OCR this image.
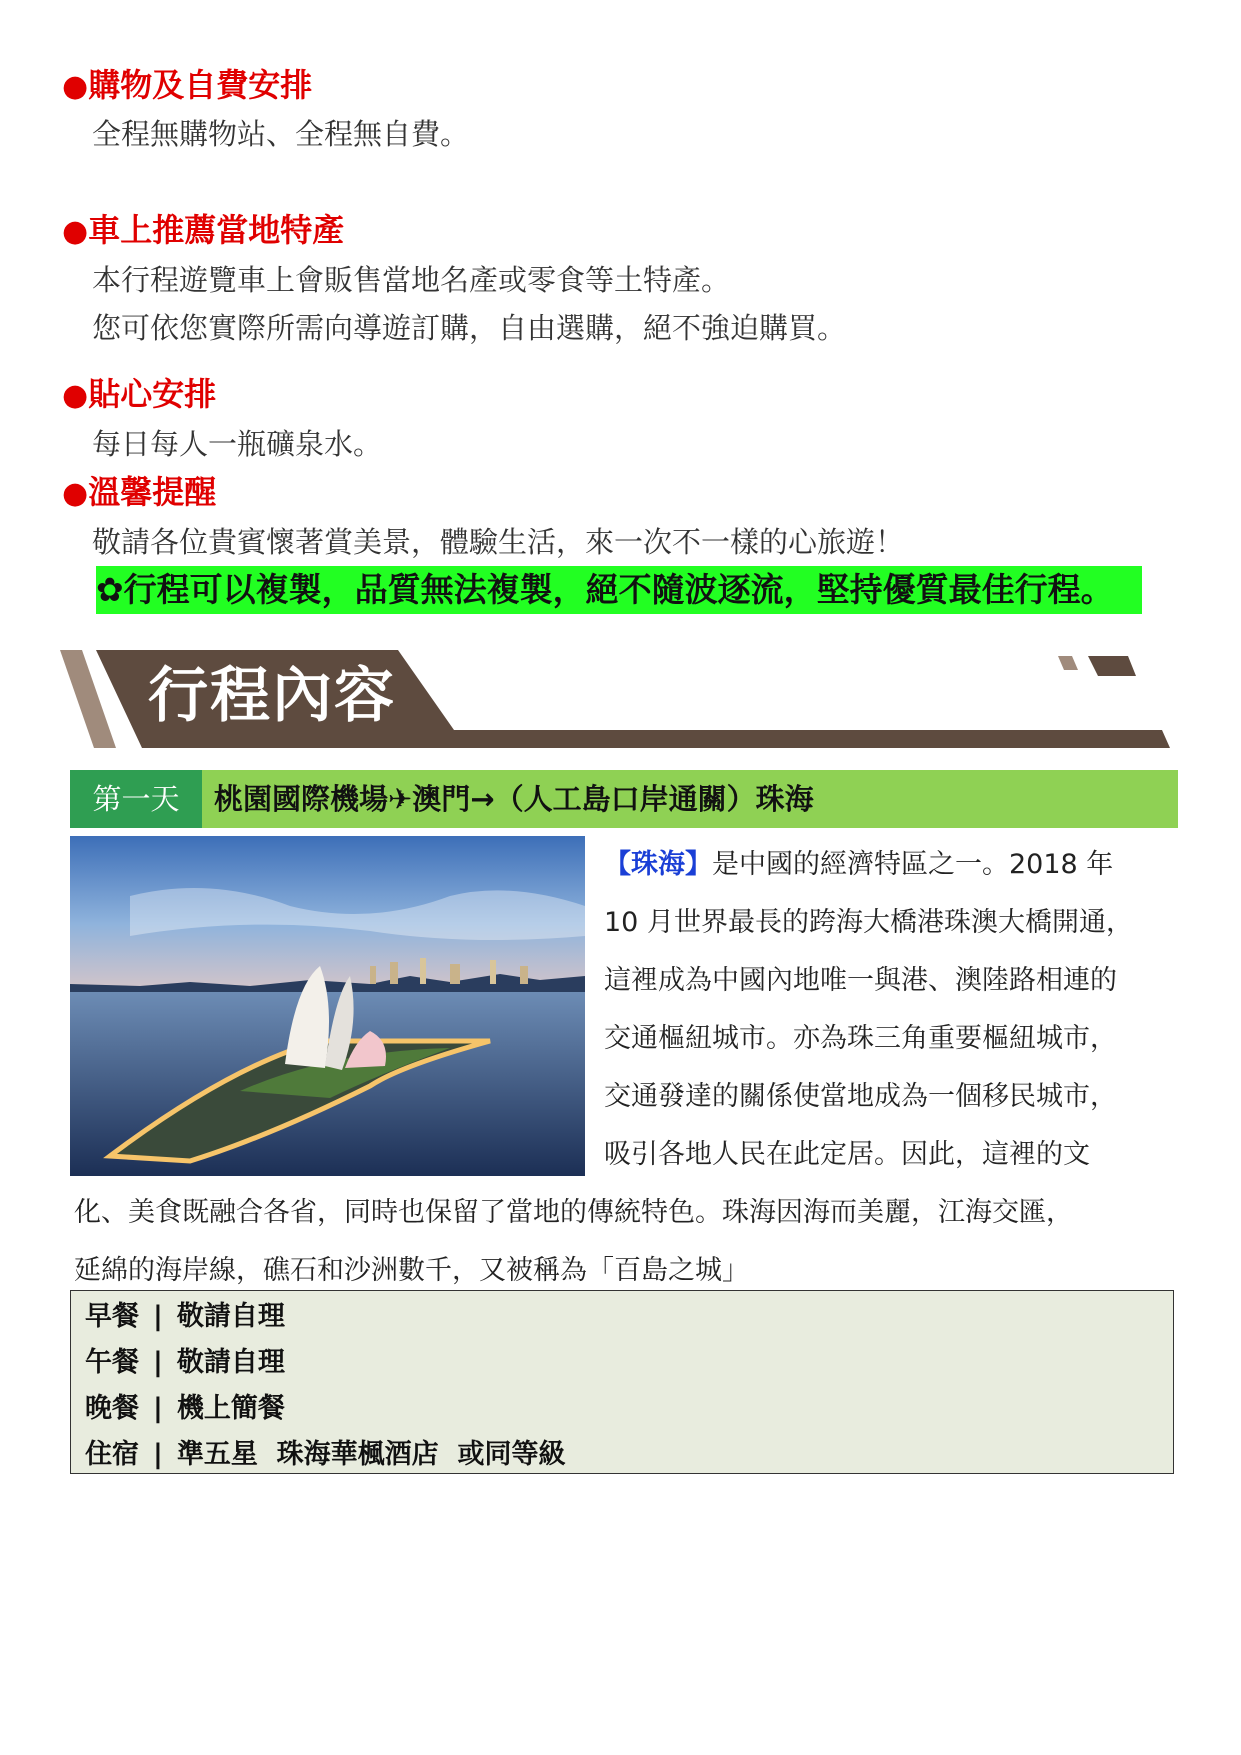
●購物及自費安排
全程無購物站、全程無自費。
●車上推薦當地特產
本行程遊覽車上會販售當地名產或零食等土特產。
您可依您實際所需向導遊訂購，自由選購，絕不強迫購買。
●貼心安排
每日每人一瓶礦泉水。
●溫馨提醒
敬請各位貴賓懷著賞美景，體驗生活，來一次不一樣的心旅遊！
✿行程可以複製，品質無法複製，絕不隨波逐流，堅持優質最佳行程。
行程內容
第一天	桃園國際機場✈澳門→（人工島口岸通關）珠海
【珠海】是中國的經濟特區之一。2018 年
10 月世界最長的跨海大橋港珠澳大橋開通，
這裡成為中國內地唯一與港、澳陸路相連的
交通樞紐城市。亦為珠三角重要樞紐城市，
交通發達的關係使當地成為一個移民城市，
吸引各地人民在此定居。因此，這裡的文
化、美食既融合各省，同時也保留了當地的傳統特色。珠海因海而美麗，江海交匯，
延綿的海岸線，礁石和沙洲數千，又被稱為「百島之城」
早餐 | 敬請自理
午餐 | 敬請自理
晚餐 | 機上簡餐
住宿 | 準五星  珠海華楓酒店  或同等級
